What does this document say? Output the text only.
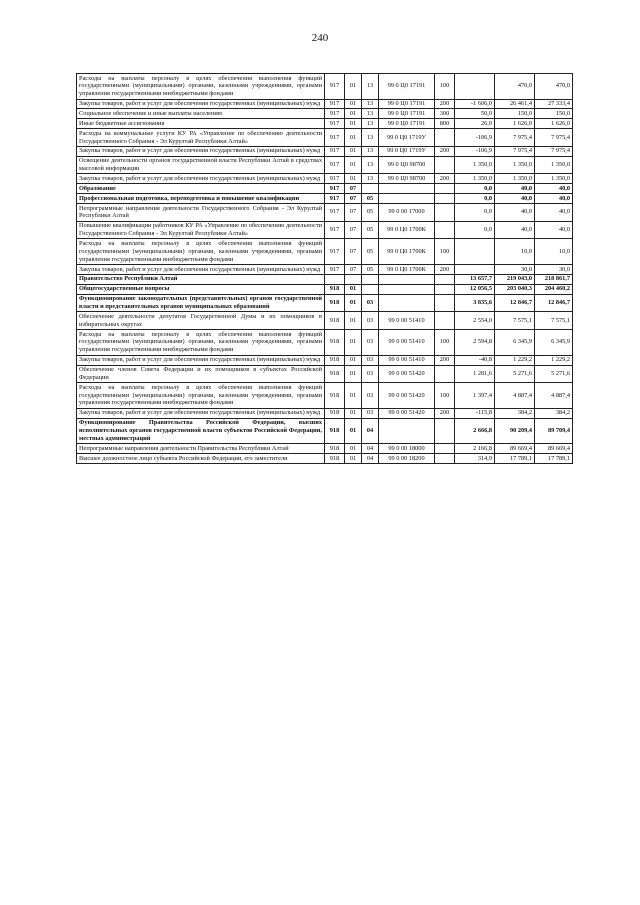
240
Расходы на выплаты персоналу в целях обеспечения выполнения функций государственными (муниципальными) органами, казенными учреждениями, органами управления государственными внебюджетными фондами	917	01	13	99 0 Ц0 17191	100		470,0	470,0
Закупка товаров, работ и услуг для обеспечения государственных (муниципальных) нужд	917	01	13	99 0 Ц0 17191	200	-1 606,0	26 461,4	27 333,4
Социальное обеспечение и иные выплаты населению	917	01	13	99 0 Ц0 17191	300	50,0	150,0	150,0
Иные бюджетные ассигнования	917	01	13	99 0 Ц0 17191	800	26,0	1 626,0	1 626,0
Расходы на коммунальные услуги КУ РА «Управление по обеспечению деятельности Государственного Собрания - Эл Курултай Республики Алтай»	917	01	13	99 0 Ц0 1719У		-106,9	7 975,4	7 975,4
Закупка товаров, работ и услуг для обеспечения государственных (муниципальных) нужд	917	01	13	99 0 Ц0 1719У	200	-106,9	7 975,4	7 975,4
Освещение деятельности органов государственной власти Республики Алтай в средствах массовой информации	917	01	13	99 0 Ц0 98700		1 350,0	1 350,0	1 350,0
Закупка товаров, работ и услуг для обеспечения государственных (муниципальных) нужд	917	01	13	99 0 Ц0 98700	200	1 350,0	1 350,0	1 350,0
Образование	917	07				0,0	40,0	40,0
Профессиональная подготовка, переподготовка и повышение квалификации	917	07	05			0,0	40,0	40,0
Непрограммные направления деятельности Государственного Собрания - Эл Курултай Республики Алтай	917	07	05	99 0 00 17000		0,0	40,0	40,0
Повышение квалификации работников КУ РА «Управление по обеспечению деятельности Государственного Собрания - Эл Курултай Республики Алтай»	917	07	05	99 0 Ц0 1700К		0,0	40,0	40,0
Расходы на выплаты персоналу в целях обеспечения выполнения функций государственными (муниципальными) органами, казенными учреждениями, органами управления государственными внебюджетными фондами	917	07	05	99 0 Ц0 1700К	100		10,0	10,0
Закупка товаров, работ и услуг для обеспечения государственных (муниципальных) нужд	917	07	05	99 0 Ц0 1700К	200		30,0	30,0
Правительство Республики Алтай						13 657,7	219 043,0	218 861,7
Общегосударственные вопросы	918	01				12 056,5	203 040,3	204 460,2
Функционирование законодательных (представительных) органов государственной власти и представительных органов муниципальных образований	918	01	03			3 835,6	12 846,7	12 846,7
Обеспечение деятельности депутатов Государственной Думы и их помощников в избирательных округах	918	01	03	99 0 00 51410		2 554,0	7 575,1	7 575,1
Расходы на выплаты персоналу в целях обеспечения выполнения функций государственными (муниципальными) органами, казенными учреждениями, органами управления государственными внебюджетными фондами	918	01	03	99 0 00 51410	100	2 594,8	6 345,9	6 345,9
Закупка товаров, работ и услуг для обеспечения государственных (муниципальных) нужд	918	01	03	99 0 00 51410	200	-40,8	1 229,2	1 229,2
Обеспечение членов Совета Федерации и их помощников в субъектах Российской Федерации	918	01	03	99 0 00 51420		1 281,6	5 271,6	5 271,6
Расходы на выплаты персоналу в целях обеспечения выполнения функций государственными (муниципальными) органами, казенными учреждениями, органами управления государственными внебюджетными фондами	918	01	03	99 0 00 51420	100	1 397,4	4 887,4	4 887,4
Закупка товаров, работ и услуг для обеспечения государственных (муниципальных) нужд	918	01	03	99 0 00 51420	200	-115,8	384,2	384,2
Функционирование Правительства Российской Федерации, высших исполнительных органов государственной власти субъектов Российской Федерации, местных администраций	918	01	04			2 666,8	90 209,4	89 709,4
Непрограммные направления деятельности Правительства Республики Алтай	918	01	04	99 0 00 18000		2 166,8	89 669,4	89 669,4
Высшее должностное лицо субъекта Российской Федерации, его заместители	918	01	04	99 0 00 18200		314,9	17 789,1	17 789,1
